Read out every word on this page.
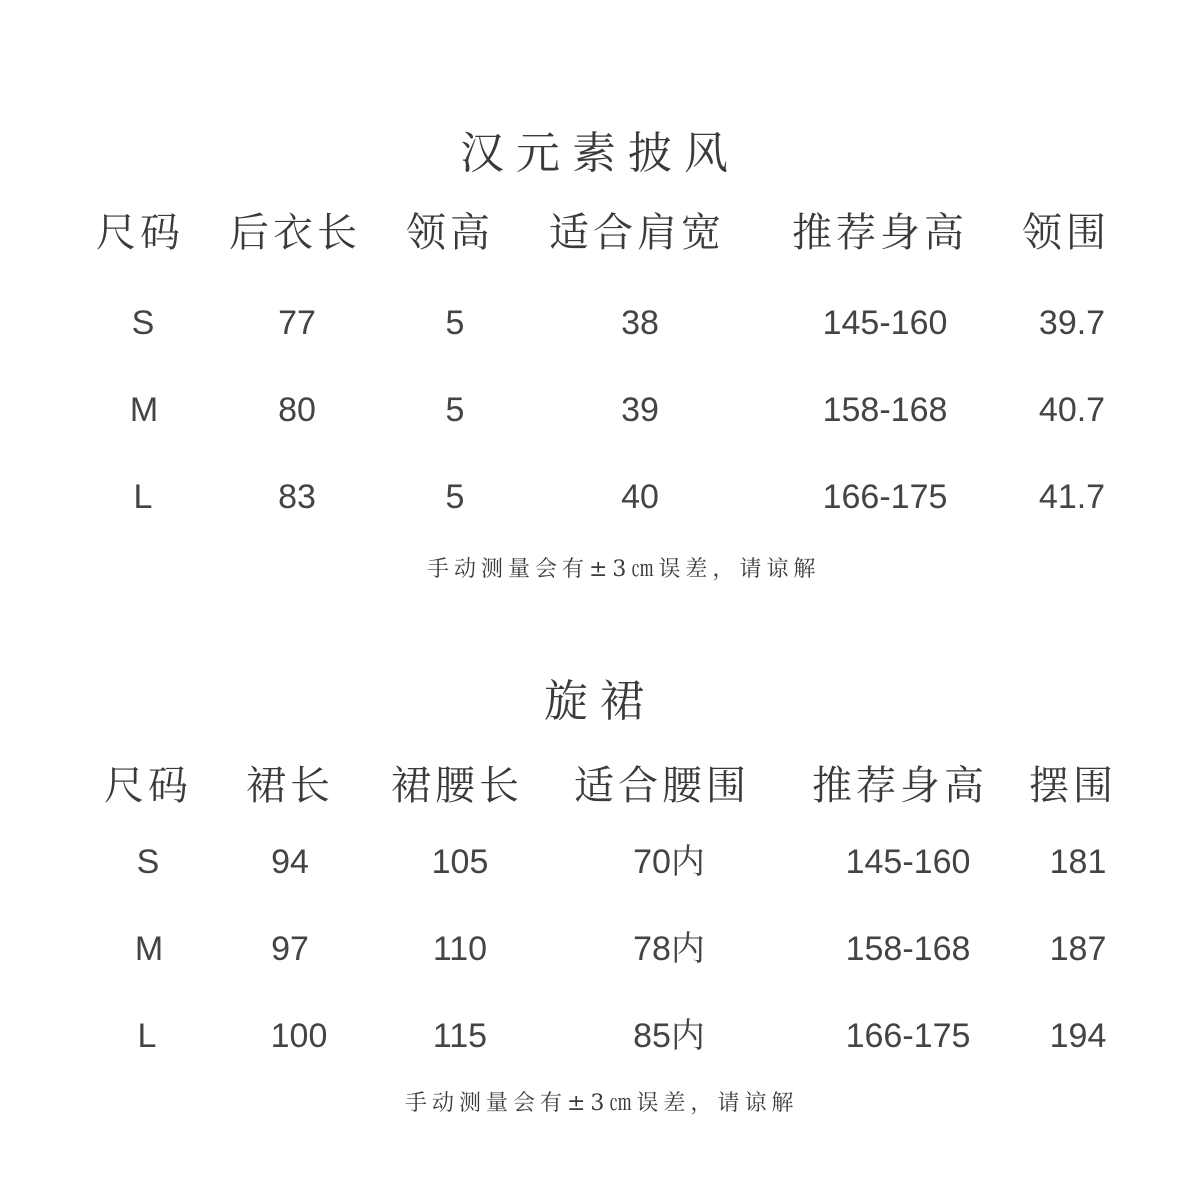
汉元素披风
尺码 后衣长 领高 适合肩宽 推荐身高 领围
S	77	5	38	145-160	39.7
M	80	5	39	158-168	40.7
L	83	5	40	166-175	41.7
手动测量会有±3㎝误差，请谅解
旋裙
尺码 裙长 裙腰长 适合腰围 推荐身高 摆围
S	94	105	70内	145-160 181
M	97	110	78内	158-168 187
L	100	115	85内	166-175 194
手动测量会有±3㎝误差，请谅解
